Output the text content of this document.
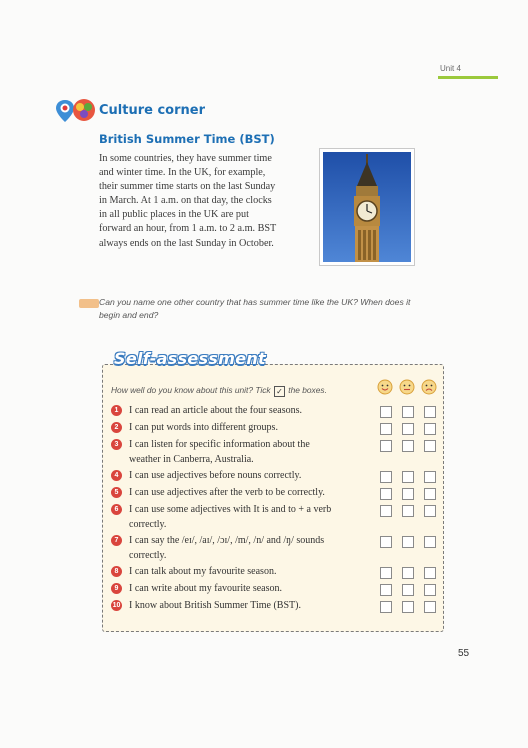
Unit 4
Culture corner
British Summer Time (BST)
In some countries, they have summer time
and winter time. In the UK, for example,
their summer time starts on the last Sunday
in March. At 1 a.m. on that day, the clocks
in all public places in the UK are put
forward an hour, from 1 a.m. to 2 a.m. BST
always ends on the last Sunday in October.
Can you name one other country that has summer time like the UK? When does it
begin and end?
Self-assessment
How well do you know about this unit? Tick ✓ the boxes.
1	I can read an article about the four seasons.
2	I can put words into different groups.
3	I can listen for specific information about the
weather in Canberra, Australia.
4	I can use adjectives before nouns correctly.
5	I can use adjectives after the verb to be correctly.
6	I can use some adjectives with It is and to + a verb
correctly.
7	I can say the /eɪ/, /aɪ/, /ɔɪ/, /m/, /n/ and /ŋ/ sounds
correctly.
8	I can talk about my favourite season.
9	I can write about my favourite season.
10 I know about British Summer Time (BST).
55
